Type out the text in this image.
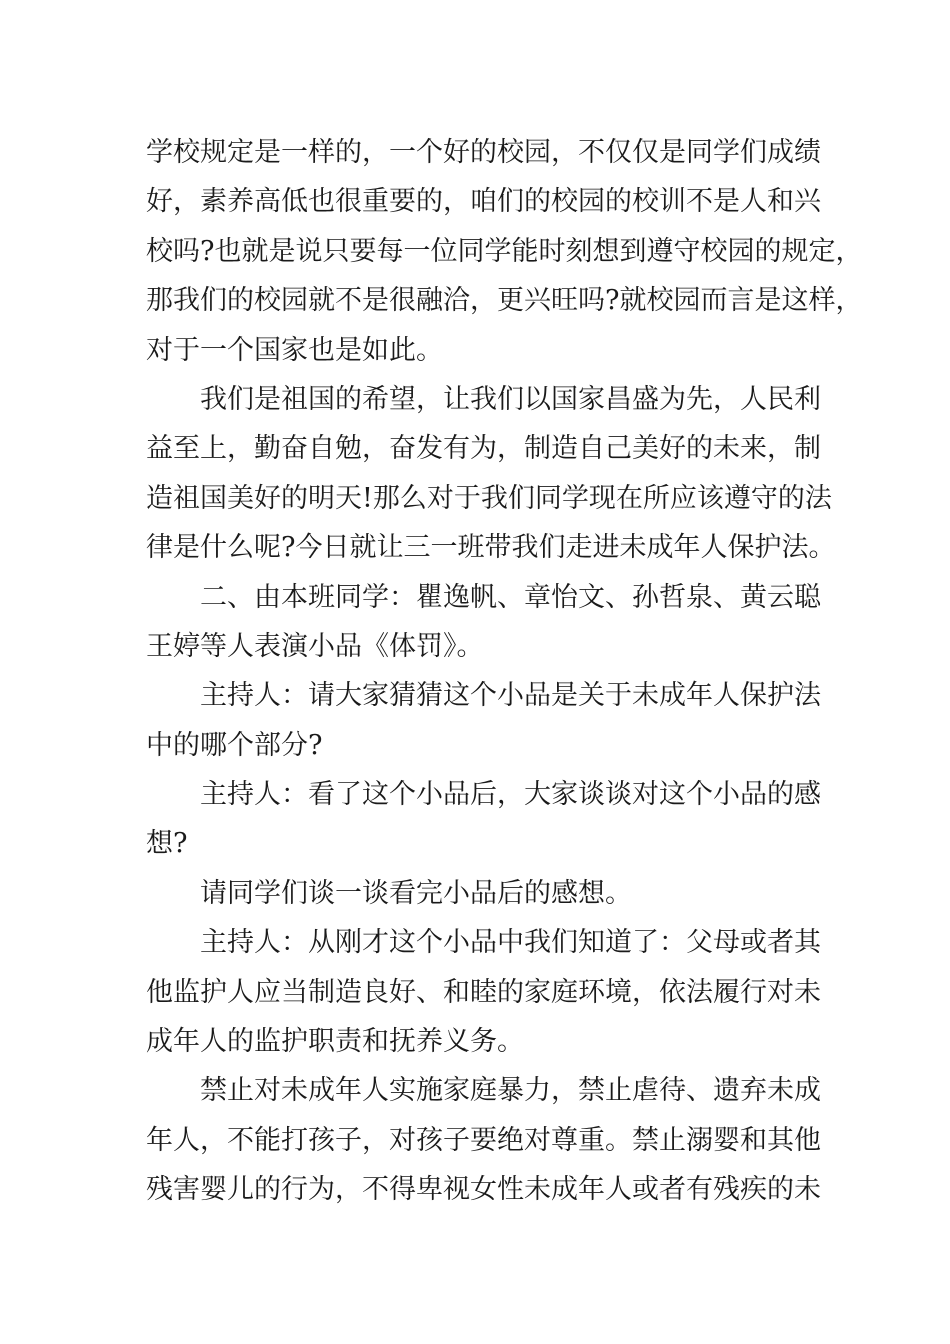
学校规定是一样的，一个好的校园，不仅仅是同学们成绩

好，素养高低也很重要的，咱们的校园的校训不是人和兴

校吗?也就是说只要每一位同学能时刻想到遵守校园的规定，

那我们的校园就不是很融洽，更兴旺吗?就校园而言是这样，

对于一个国家也是如此。

我们是祖国的希望，让我们以国家昌盛为先，人民利

益至上，勤奋自勉，奋发有为，制造自己美好的未来，制

造祖国美好的明天!那么对于我们同学现在所应该遵守的法

律是什么呢?今日就让三一班带我们走进未成年人保护法。

二、由本班同学：瞿逸帆、章怡文、孙哲泉、黄云聪

王婷等人表演小品《体罚》。

主持人：请大家猜猜这个小品是关于未成年人保护法

中的哪个部分?

主持人：看了这个小品后，大家谈谈对这个小品的感

想?

请同学们谈一谈看完小品后的感想。

主持人：从刚才这个小品中我们知道了：父母或者其

他监护人应当制造良好、和睦的家庭环境，依法履行对未

成年人的监护职责和抚养义务。

禁止对未成年人实施家庭暴力，禁止虐待、遗弃未成

年人，不能打孩子，对孩子要绝对尊重。禁止溺婴和其他

残害婴儿的行为，不得卑视女性未成年人或者有残疾的未
